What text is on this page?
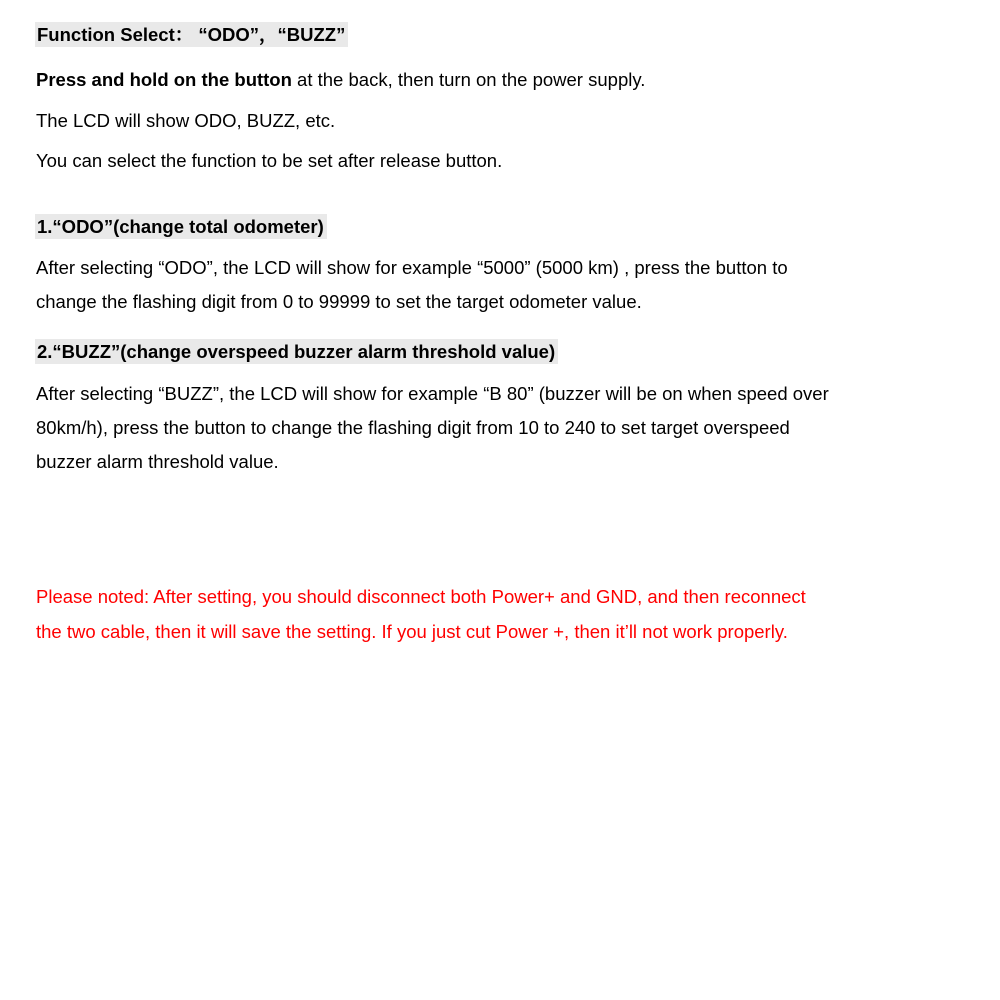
Function Select： “ODO”，“BUZZ”
Press and hold on the button at the back, then turn on the power supply.
The LCD will show ODO, BUZZ, etc.
You can select the function to be set after release button.
1.“ODO”(change total odometer)
After selecting “ODO”, the LCD will show for example “5000” (5000 km) , press the button to
change the flashing digit from 0 to 99999 to set the target odometer value.
2.“BUZZ”(change overspeed buzzer alarm threshold value)
After selecting “BUZZ”, the LCD will show for example “B 80” (buzzer will be on when speed over
80km/h), press the button to change the flashing digit from 10 to 240 to set target overspeed
buzzer alarm threshold value.
Please noted: After setting, you should disconnect both Power+ and GND, and then reconnect
the two cable, then it will save the setting. If you just cut Power +, then it’ll not work properly.
